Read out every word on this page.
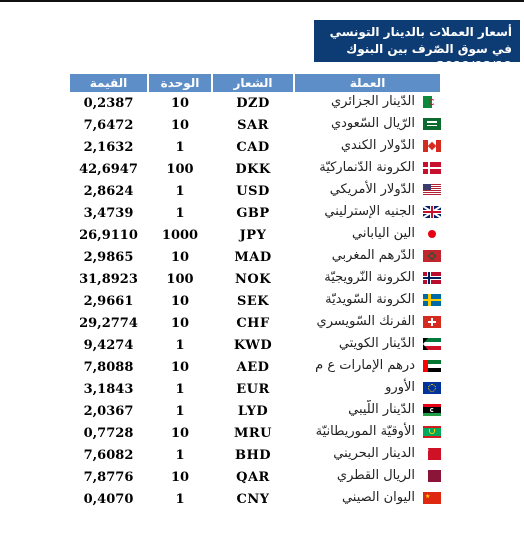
أسعار العملات بالدينار التونسي
في سوق الصّرف بين البنوك 2019/08/19
العملة	الشعار	الوحدة	القيمة

الدّينار الجزائري	DZD	10	0,2387

الرّيال السّعودي	SAR	10	7,6472

الدّولار الكندي	CAD	1	2,1632

الكرونة الدّنماركيّة	DKK	100	42,6947

الدّولار الأمريكي	USD	1	2,8624

الجنيه الإسترليني	GBP	1	3,4739

الين الياباني	JPY	1000	26,9110

الدّرهم المغربي	MAD	10	2,9865

الكرونة النّرويجيّة	NOK	100	31,8923

الكرونة السّويديّة	SEK	10	2,9661

الفرنك السّويسري	CHF	10	29,2774

الدّينار الكويتي	KWD	1	9,4274

درهم الإمارات ع م	AED	10	7,8088

الأورو	EUR	1	3,1843

الدّينار اللّيبي	LYD	1	2,0367

الأوقيّة الموريطانيّة	MRU	10	0,7728

الدينار البحريني	BHD	1	7,6082

الريال القطري	QAR	10	7,8776

★
اليوان الصيني	CNY	1	0,4070
